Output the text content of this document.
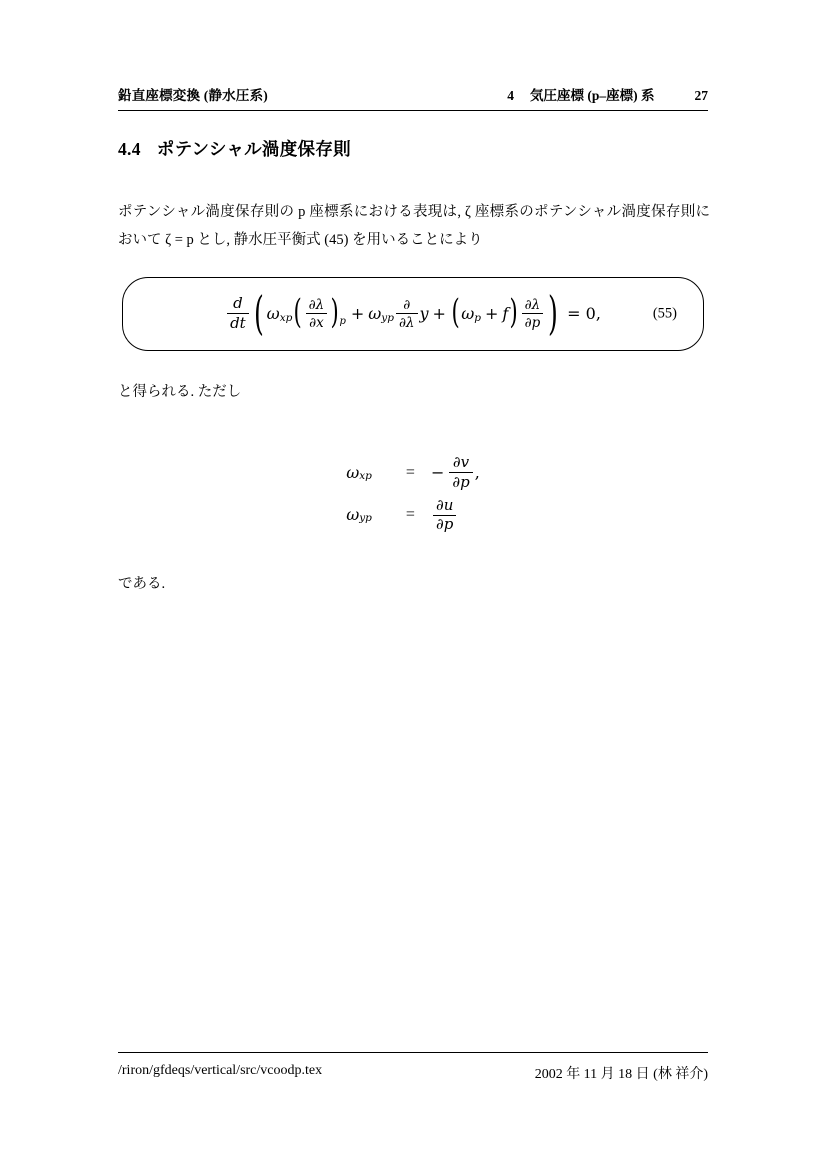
鉛直座標変換 (静水圧系)	4 気圧座標 (p–座標) 系	27
4.4 ポテンシャル渦度保存則
ポテンシャル渦度保存則の p 座標系における表現は, ζ 座標系のポテンシャル渦度保存則において ζ = p とし, 静水圧平衡式 (45) を用いることにより
$\frac{d}{dt}$ ( ω xp ( $\frac{\partial\lambda}{\partial x}$ ) p + ω yp $\frac{\partial}{\partial\lambda}$ y + ( ω p + f ) $\frac{\partial\lambda}{\partial p}$ ) = 0,	(55)
と得られる. ただし
ω xp	=	− $\frac{\partial v}{\partial p}$ ,

ω yp	=	$\frac{\partial u}{\partial p}$
である.
/riron/gfdeqs/vertical/src/vcoodp.tex	2002 年 11 月 18 日 (林 祥介)
